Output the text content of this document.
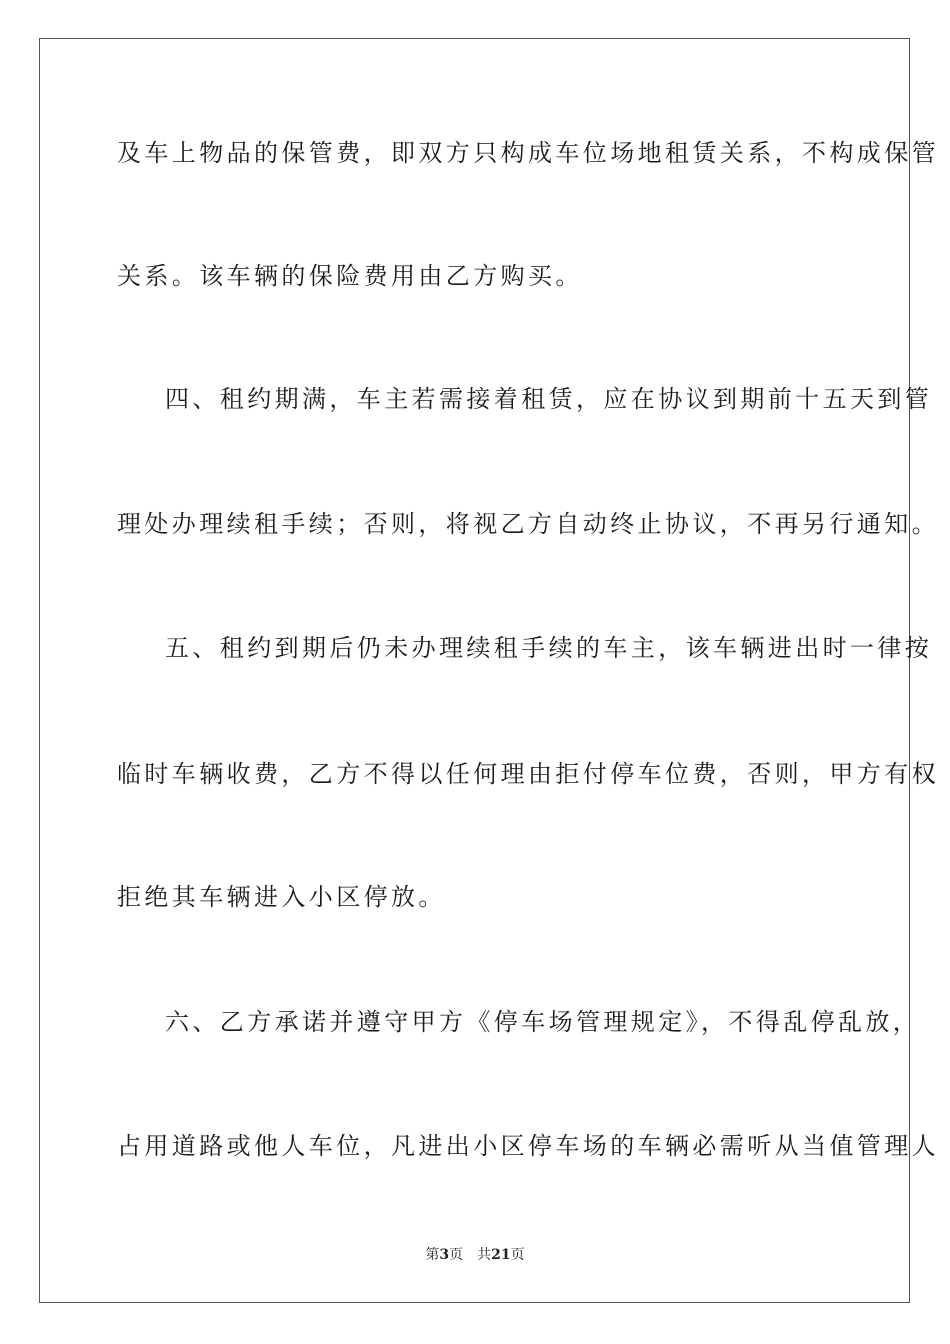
及车上物品的保管费，即双方只构成车位场地租赁关系，不构成保管
关系。该车辆的保险费用由乙方购买。
四、租约期满，车主若需接着租赁，应在协议到期前十五天到管
理处办理续租手续；否则，将视乙方自动终止协议，不再另行通知。
五、租约到期后仍未办理续租手续的车主，该车辆进出时一律按
临时车辆收费，乙方不得以任何理由拒付停车位费，否则，甲方有权
拒绝其车辆进入小区停放。
六、乙方承诺并遵守甲方《停车场管理规定》，不得乱停乱放，
占用道路或他人车位，凡进出小区停车场的车辆必需听从当值管理人
第3页 共21页
